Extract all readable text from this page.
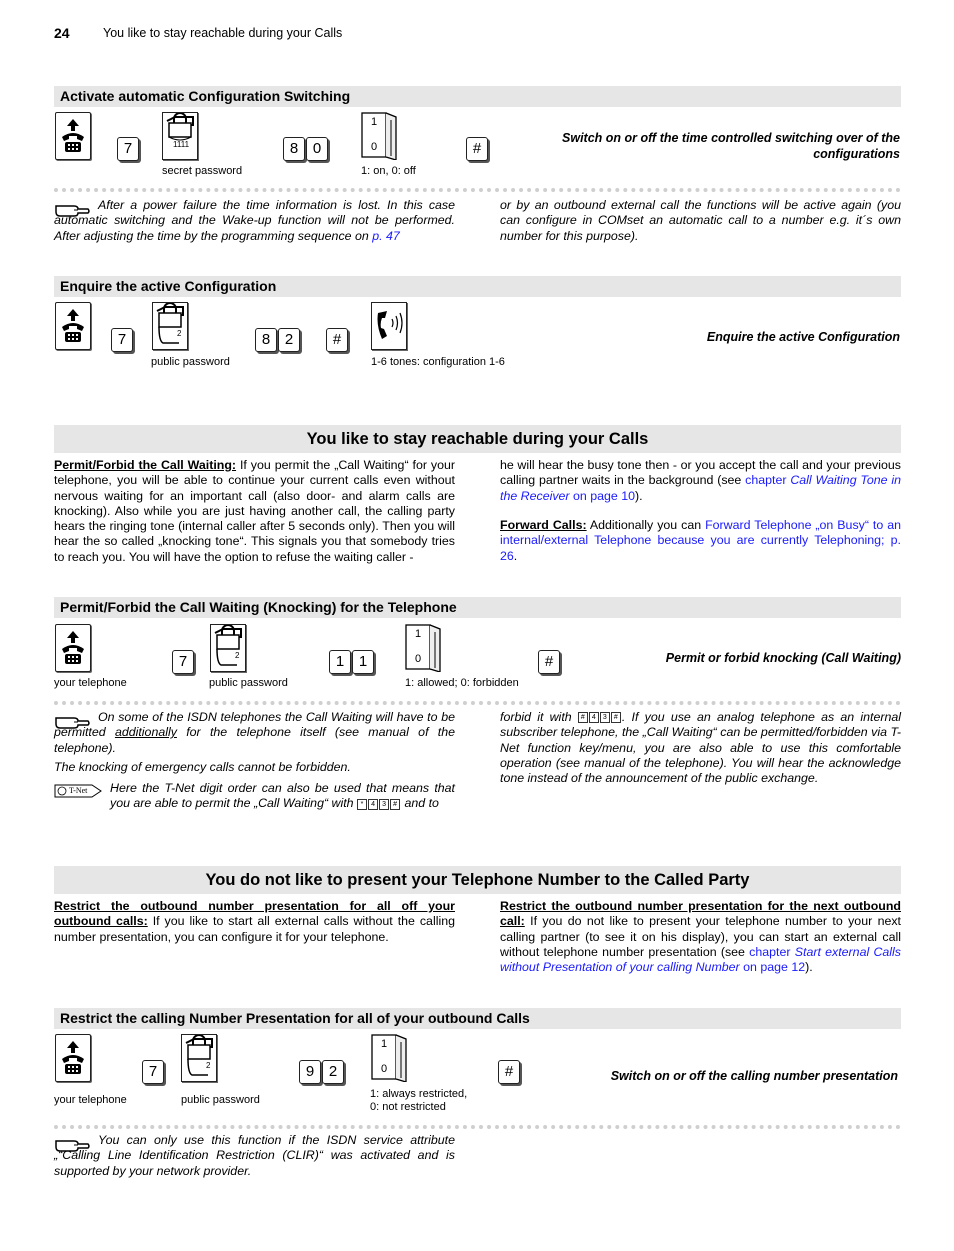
24	You like to stay reachable during your Calls
Activate automatic Configuration Switching
7	1111	8 0
1
0	#
secret password	1: on, 0: off
Switch on or off the time controlled switching over of the configurations
After a power failure the time information is lost. In this case automatic switching and the Wake-up function will not be performed. After adjusting the time by the programming sequence on p. 47
or by an outbound external call the functions will be active again (you can configure in COMset an automatic call to a number e.g. it´s own number for this purpose).
Enquire the active Configuration
7	2	8 2	#
public password	1-6 tones: configuration 1-6
Enquire the active Configuration
You like to stay reachable during your Calls
Permit/Forbid the Call Waiting: If you permit the „Call Waiting“ for your telephone, you will be able to continue your current calls even without nervous waiting for an important call (also door- and alarm calls are knocking). Also while you are just having another call, the calling party hears the ringing tone (internal caller after 5 seconds only). Then you will hear the so called „knocking tone“. This signals you that somebody tries to reach you. You will have the option to refuse the waiting caller -
he will hear the busy tone then - or you accept the call and your previous calling partner waits in the background (see chapter Call Waiting Tone in the Receiver on page 10).
Forward Calls: Additionally you can Forward Telephone „on Busy“ to an internal/external Telephone because you are currently Telephoning; p. 26.
Permit/Forbid the Call Waiting (Knocking) for the Telephone
7	2	1 1
1
0	#
your telephone	public password	1: allowed; 0: forbidden
Permit or forbid knocking (Call Waiting)
On some of the ISDN telephones the Call Waiting will have to be permitted additionally for the telephone itself (see manual of the telephone).
The knocking of emergency calls cannot be forbidden.
T-Net Here the T-Net digit order can also be used that means that you are able to permit the „Call Waiting“ with * 4 3 # and to
forbid it with # 4 3 # . If you use an analog telephone as an internal subscriber telephone, the „Call Waiting“ can be permitted/forbidden via T-Net function key/menu, you are also able to use this comfortable operation (see manual of the telephone). You will hear the acknowledge tone instead of the announcement of the public exchange.
You do not like to present your Telephone Number to the Called Party
Restrict the outbound number presentation for all off your outbound calls: If you like to start all external calls without the calling number presentation, you can configure it for your telephone.
Restrict the outbound number presentation for the next outbound call: If you do not like to present your telephone number to your next calling partner (to see it on his display), you can start an external call without telephone number presentation (see chapter Start external Calls without Presentation of your calling Number on page 12).
Restrict the calling Number Presentation for all of your outbound Calls
7	2	9 2
1
0	#
your telephone	public password	1: always restricted,
0: not restricted
Switch on or off the calling number presentation
You can only use this function if the ISDN service attribute „“Calling Line Identification Restriction (CLIR)“ was activated and is supported by your network provider.
